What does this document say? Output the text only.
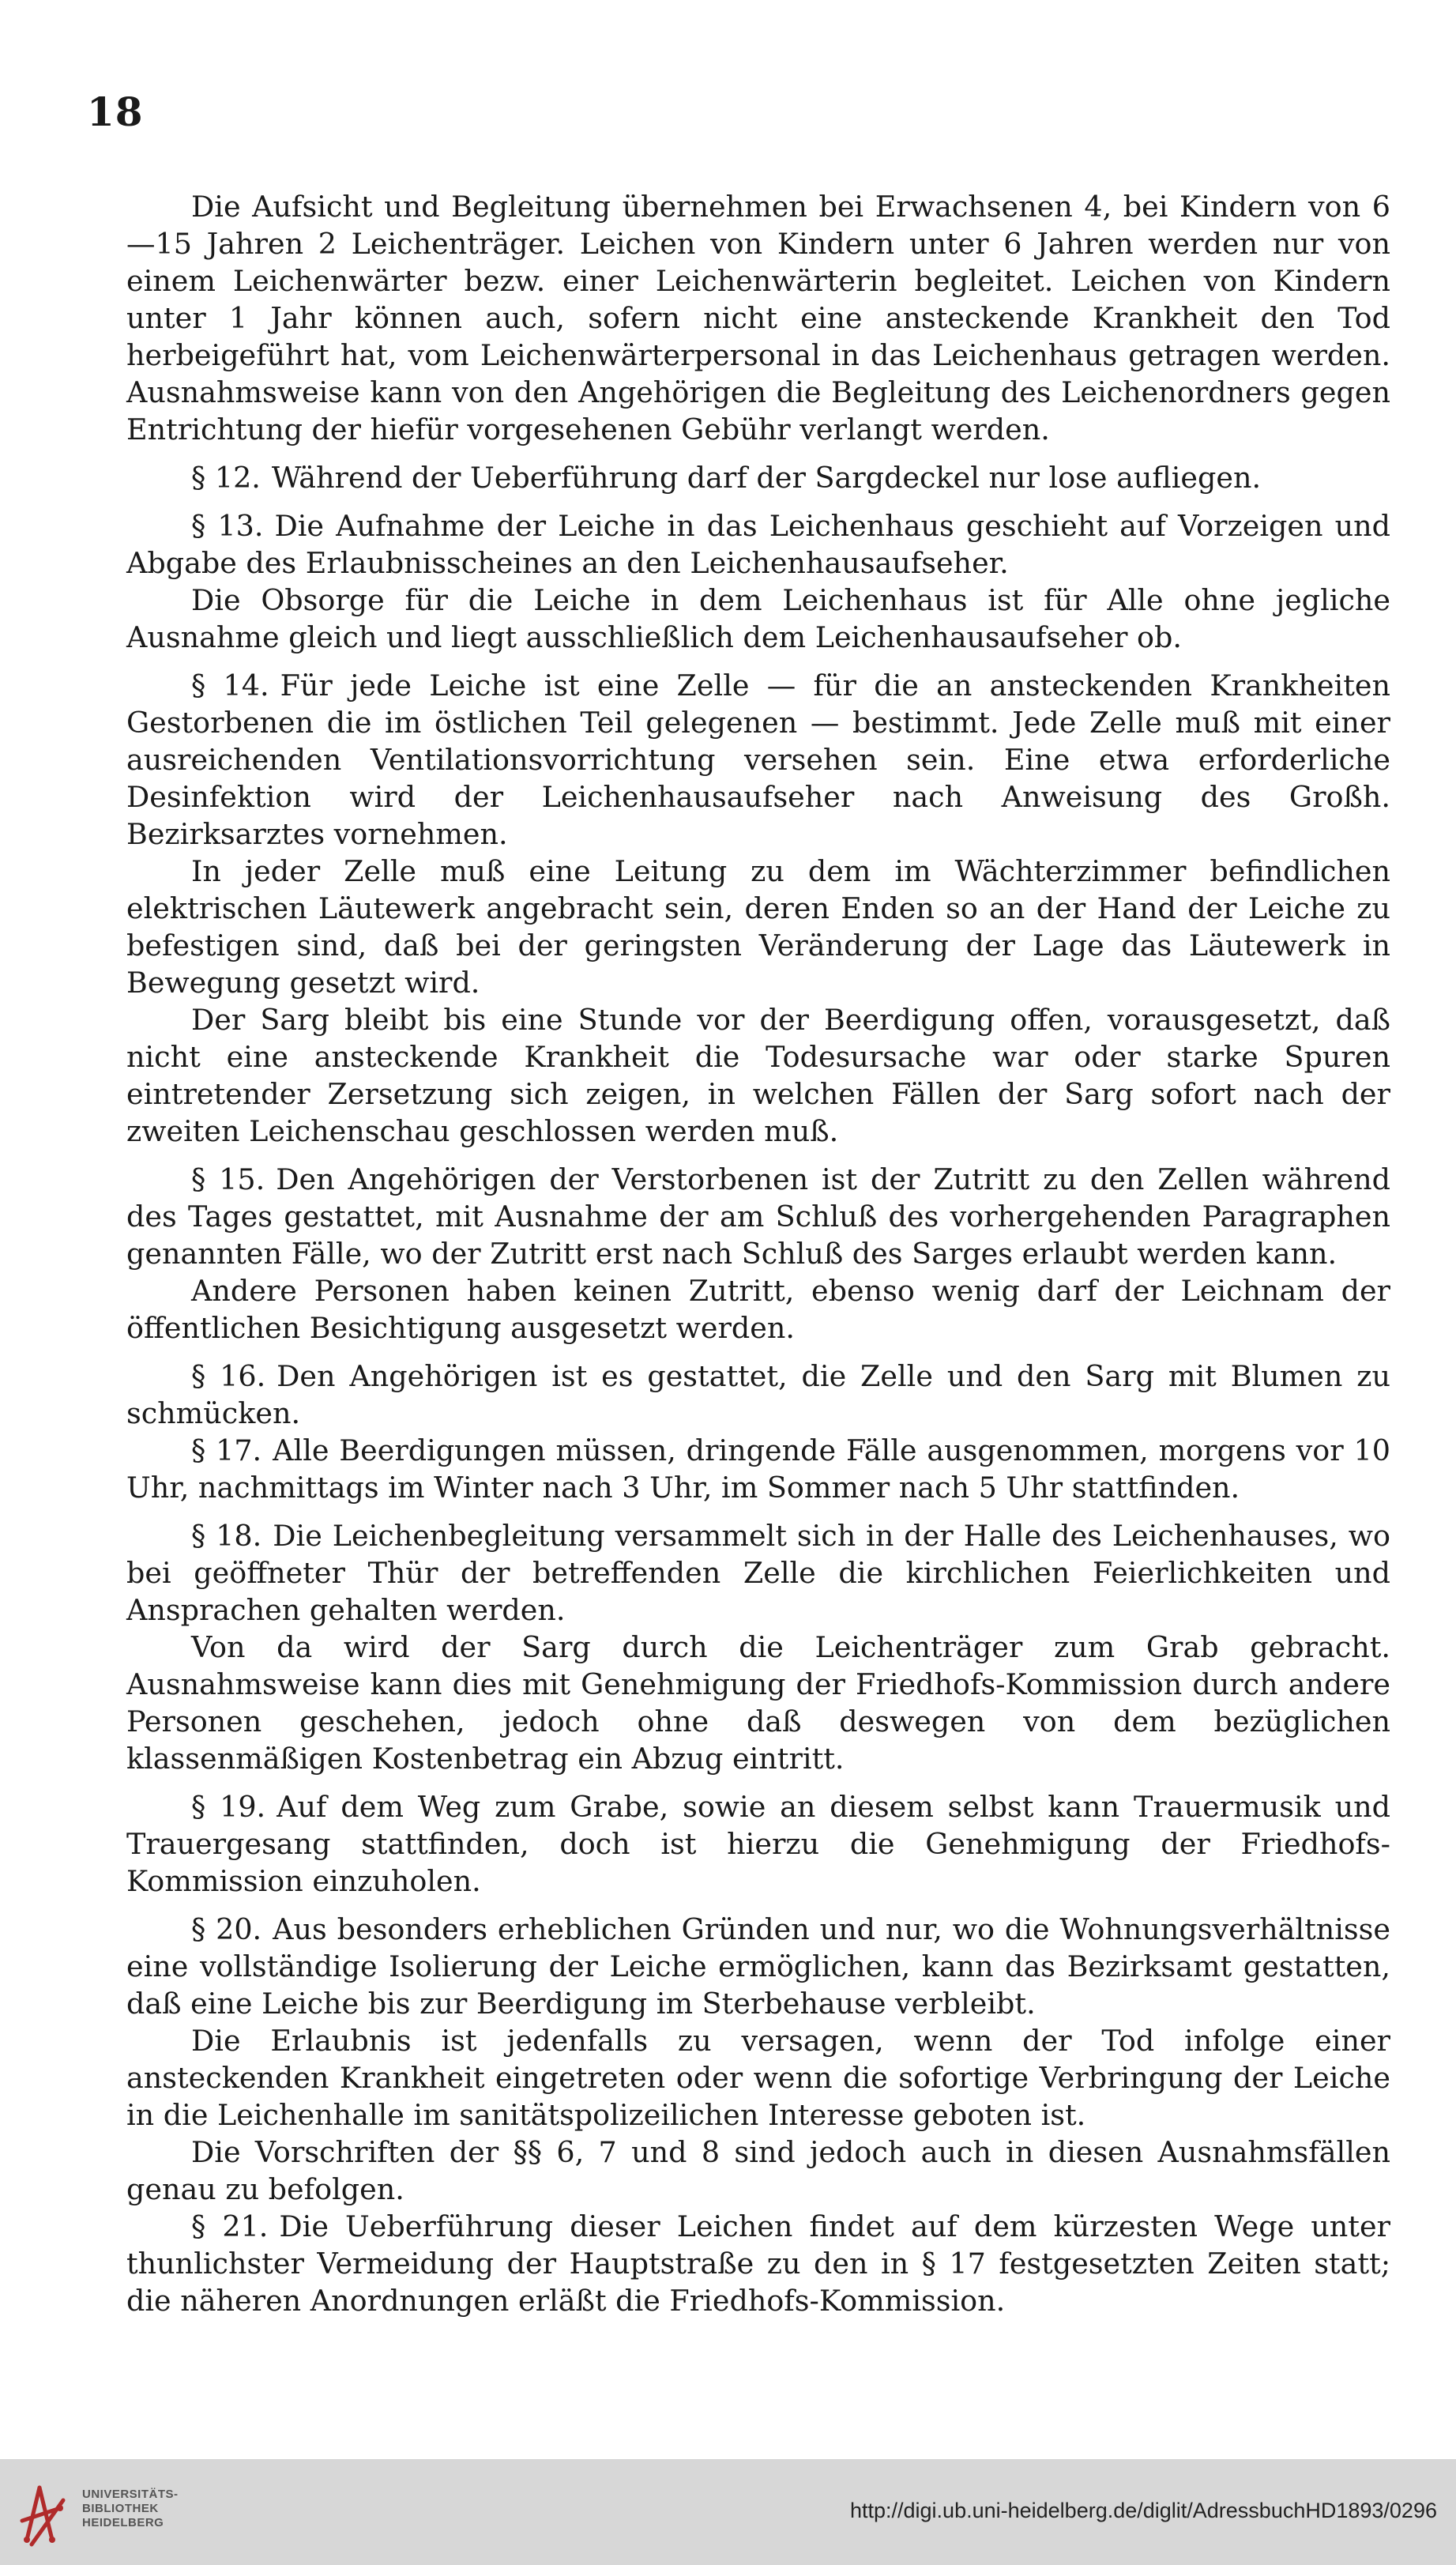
18

Die Aufsicht und Begleitung übernehmen bei Erwachsenen 4, bei Kindern von 6—15 Jahren 2 Leichenträger. Leichen von Kindern unter 6 Jahren werden nur von einem Leichenwärter bezw. einer Leichenwärterin begleitet. Leichen von Kindern unter 1 Jahr können auch, sofern nicht eine ansteckende Krankheit den Tod herbeigeführt hat, vom Leichenwärterpersonal in das Leichenhaus getragen werden. Ausnahmsweise kann von den Angehörigen die Begleitung des Leichenordners gegen Entrichtung der hiefür vorgesehenen Gebühr verlangt werden.

§ 12. Während der Ueberführung darf der Sargdeckel nur lose aufliegen.

§ 13. Die Aufnahme der Leiche in das Leichenhaus geschieht auf Vorzeigen und Abgabe des Erlaubnisscheines an den Leichenhausaufseher.

Die Obsorge für die Leiche in dem Leichenhaus ist für Alle ohne jegliche Ausnahme gleich und liegt ausschließlich dem Leichenhausaufseher ob.

§ 14. Für jede Leiche ist eine Zelle — für die an ansteckenden Krankheiten Gestorbenen die im östlichen Teil gelegenen — bestimmt. Jede Zelle muß mit einer ausreichenden Ventilationsvorrichtung versehen sein. Eine etwa erforderliche Desinfektion wird der Leichenhausaufseher nach Anweisung des Großh. Bezirksarztes vornehmen.

In jeder Zelle muß eine Leitung zu dem im Wächterzimmer befindlichen elektrischen Läutewerk angebracht sein, deren Enden so an der Hand der Leiche zu befestigen sind, daß bei der geringsten Veränderung der Lage das Läutewerk in Bewegung gesetzt wird.

Der Sarg bleibt bis eine Stunde vor der Beerdigung offen, vorausgesetzt, daß nicht eine ansteckende Krankheit die Todesursache war oder starke Spuren eintretender Zersetzung sich zeigen, in welchen Fällen der Sarg sofort nach der zweiten Leichenschau geschlossen werden muß.

§ 15. Den Angehörigen der Verstorbenen ist der Zutritt zu den Zellen während des Tages gestattet, mit Ausnahme der am Schluß des vorhergehenden Paragraphen genannten Fälle, wo der Zutritt erst nach Schluß des Sarges erlaubt werden kann.

Andere Personen haben keinen Zutritt, ebenso wenig darf der Leichnam der öffentlichen Besichtigung ausgesetzt werden.

§ 16. Den Angehörigen ist es gestattet, die Zelle und den Sarg mit Blumen zu schmücken.

§ 17. Alle Beerdigungen müssen, dringende Fälle ausgenommen, morgens vor 10 Uhr, nachmittags im Winter nach 3 Uhr, im Sommer nach 5 Uhr stattfinden.

§ 18. Die Leichenbegleitung versammelt sich in der Halle des Leichenhauses, wo bei geöffneter Thür der betreffenden Zelle die kirchlichen Feierlichkeiten und Ansprachen gehalten werden.

Von da wird der Sarg durch die Leichenträger zum Grab gebracht. Ausnahmsweise kann dies mit Genehmigung der Friedhofs-Kommission durch andere Personen geschehen, jedoch ohne daß deswegen von dem bezüglichen klassenmäßigen Kostenbetrag ein Abzug eintritt.

§ 19. Auf dem Weg zum Grabe, sowie an diesem selbst kann Trauermusik und Trauergesang stattfinden, doch ist hierzu die Genehmigung der Friedhofs-Kommission einzuholen.

§ 20. Aus besonders erheblichen Gründen und nur, wo die Wohnungsverhältnisse eine vollständige Isolierung der Leiche ermöglichen, kann das Bezirksamt gestatten, daß eine Leiche bis zur Beerdigung im Sterbehause verbleibt.

Die Erlaubnis ist jedenfalls zu versagen, wenn der Tod infolge einer ansteckenden Krankheit eingetreten oder wenn die sofortige Verbringung der Leiche in die Leichenhalle im sanitätspolizeilichen Interesse geboten ist.

Die Vorschriften der §§ 6, 7 und 8 sind jedoch auch in diesen Ausnahmsfällen genau zu befolgen.

§ 21. Die Ueberführung dieser Leichen findet auf dem kürzesten Wege unter thunlichster Vermeidung der Hauptstraße zu den in § 17 festgesetzten Zeiten statt; die näheren Anordnungen erläßt die Friedhofs-Kommission.

UNIVERSITÄTS-
BIBLIOTHEK
HEIDELBERG
http://digi.ub.uni-heidelberg.de/diglit/AdressbuchHD1893/0296
